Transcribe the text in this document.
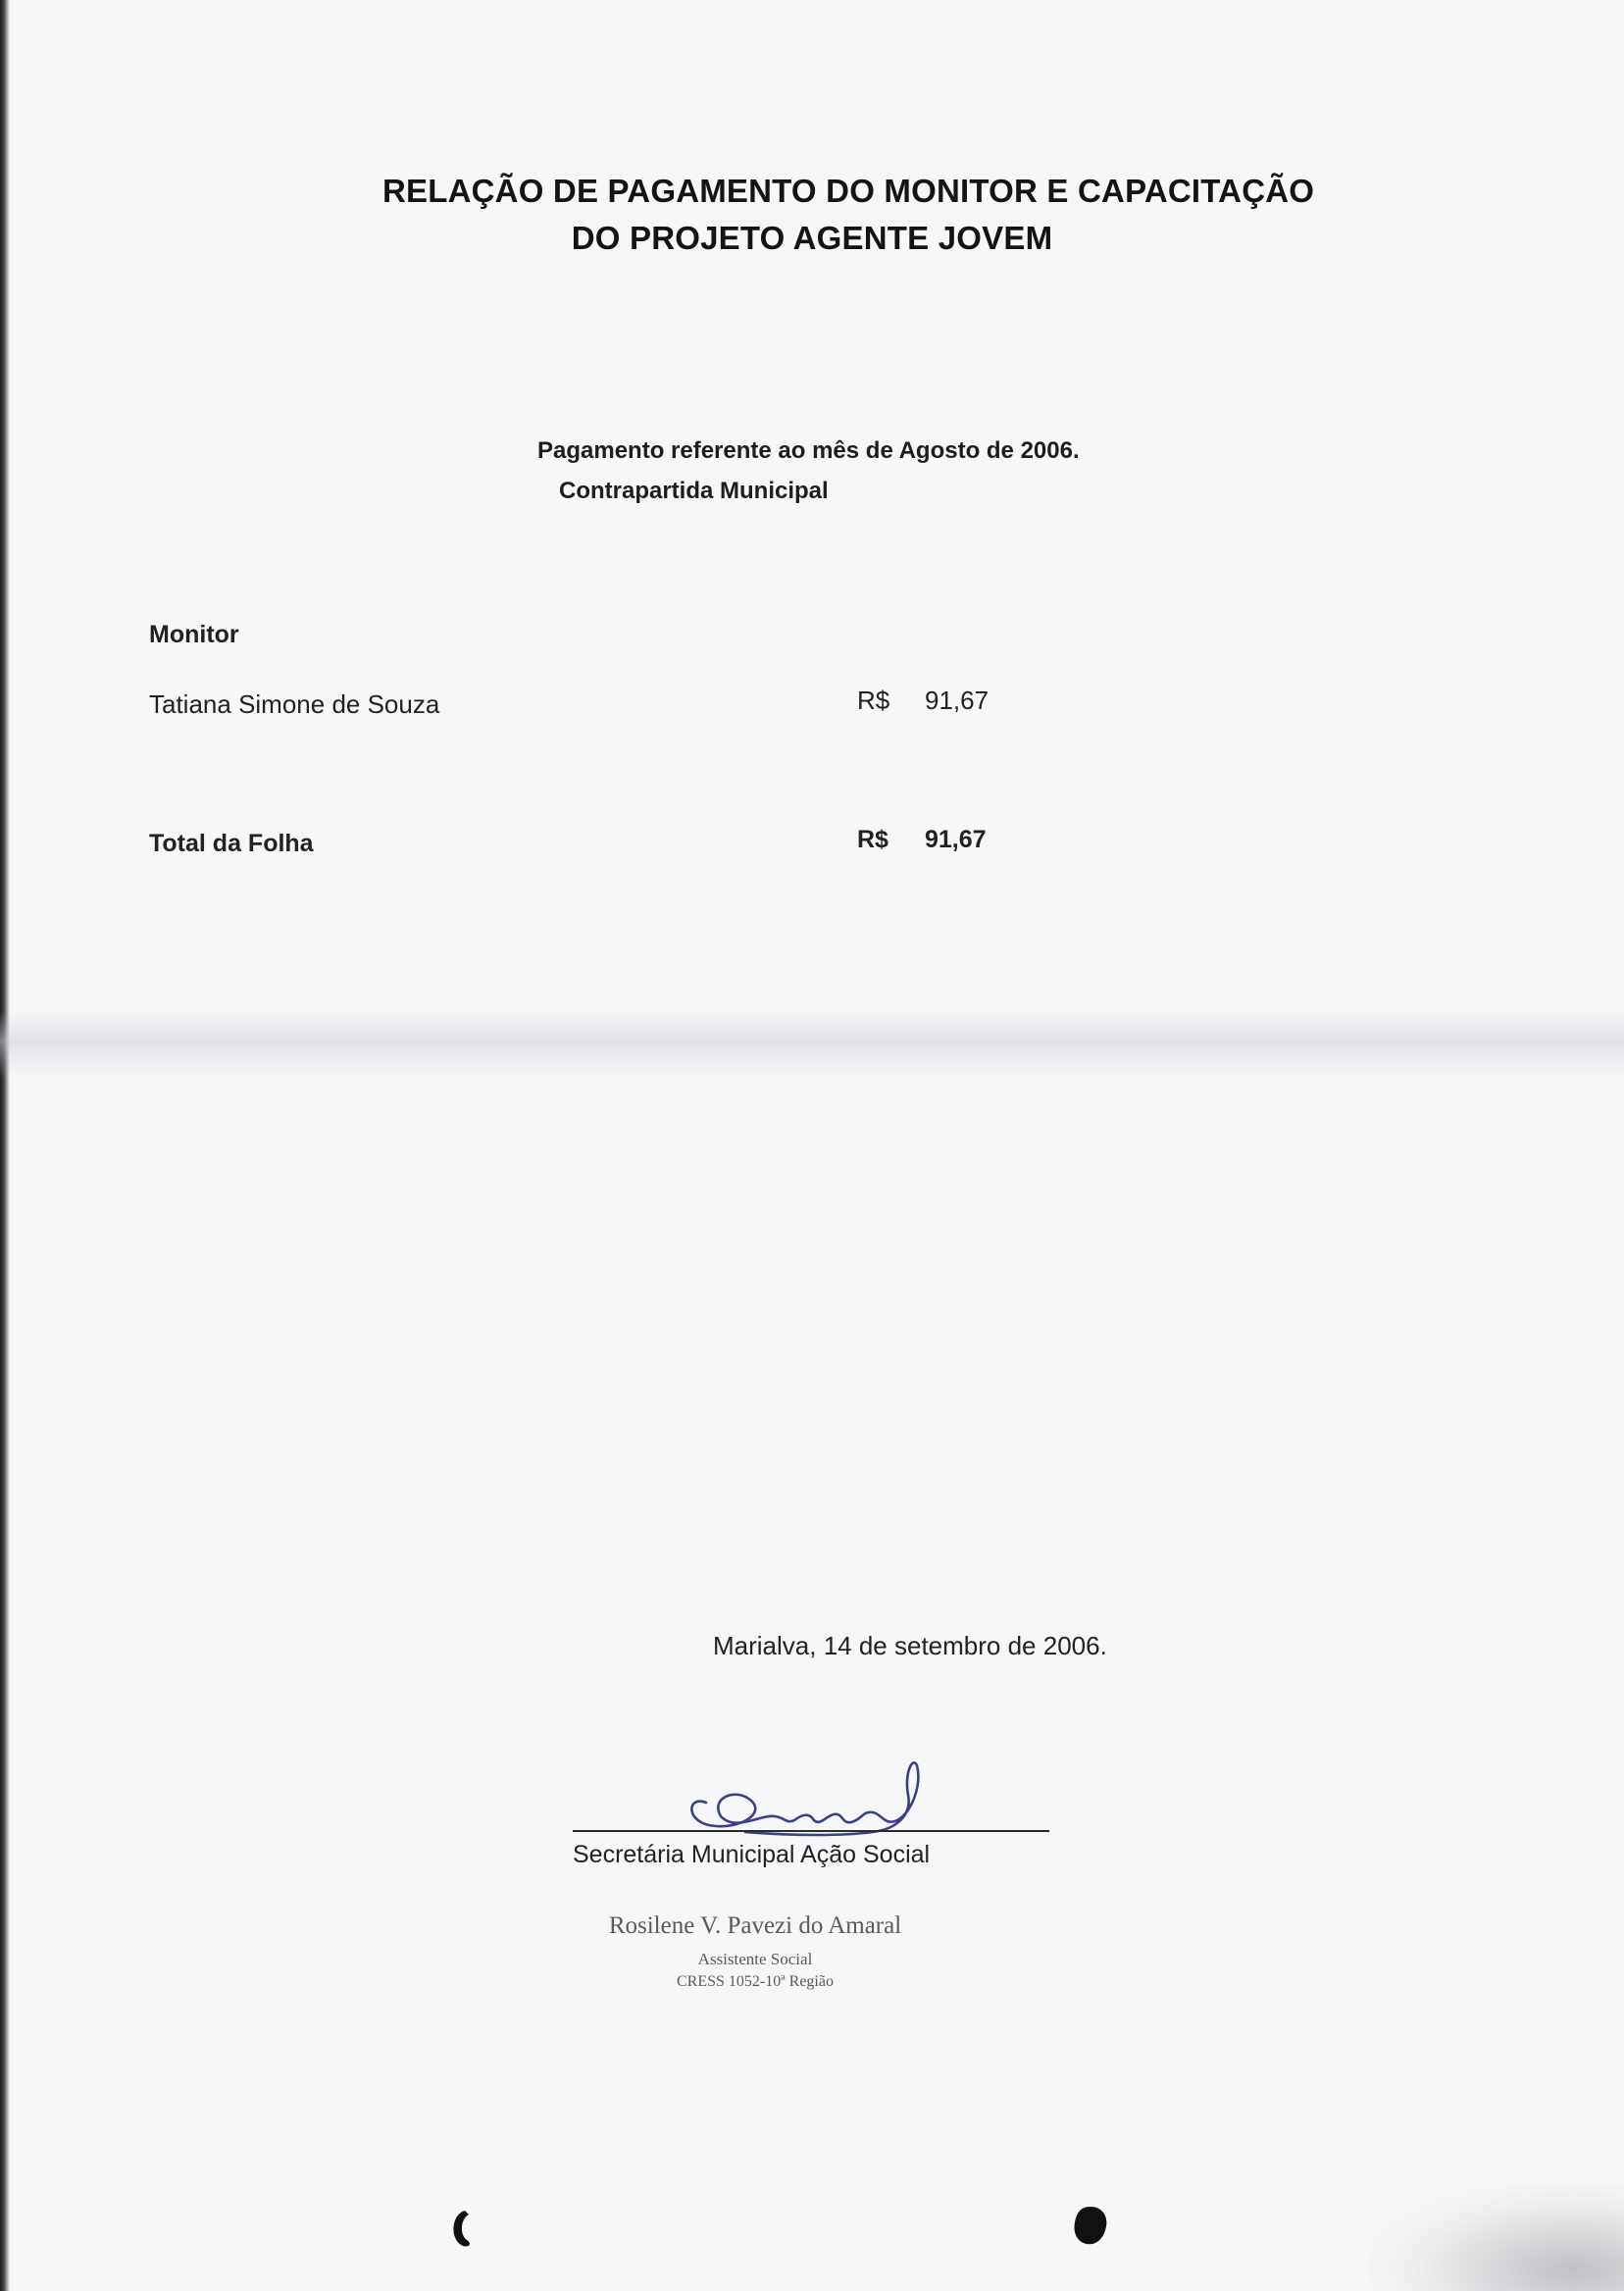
RELAÇÃO DE PAGAMENTO DO MONITOR E CAPACITAÇÃO
DO PROJETO AGENTE JOVEM
Pagamento referente ao mês de Agosto de 2006.
Contrapartida Municipal
Monitor
Tatiana Simone de Souza	R$ 91,67
Total da Folha	R$ 91,67
Marialva, 14 de setembro de 2006.
Secretária Municipal Ação Social
Rosilene V. Pavezi do Amaral
Assistente Social
CRESS 1052-10ª Região
